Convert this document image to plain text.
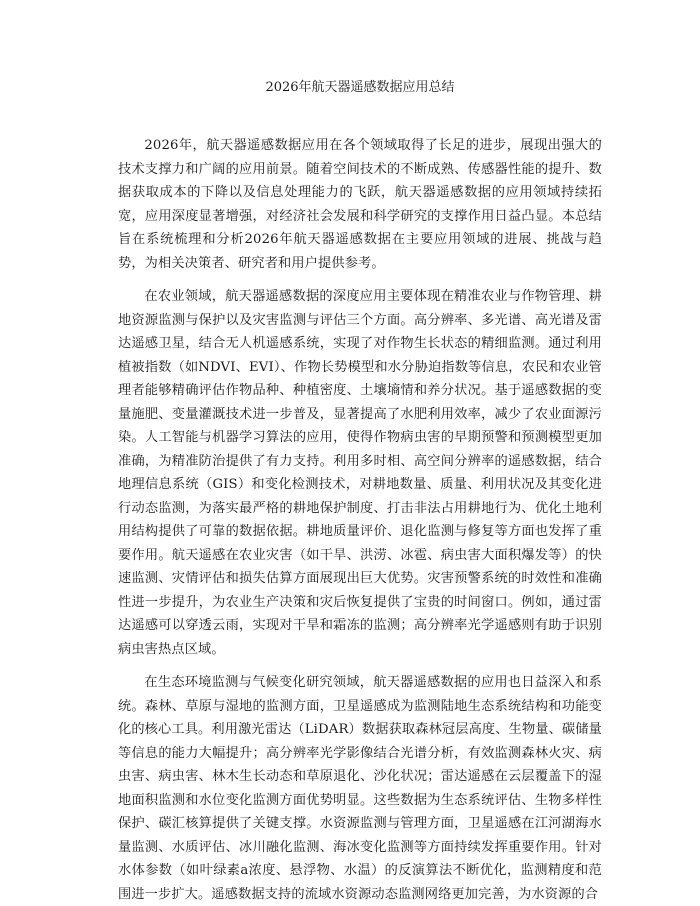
2026年航天器遥感数据应用总结

2026年，航天器遥感数据应用在各个领域取得了长足的进步，展现出强大的技术支撑力和广阔的应用前景。随着空间技术的不断成熟、传感器性能的提升、数据获取成本的下降以及信息处理能力的飞跃，航天器遥感数据的应用领域持续拓宽，应用深度显著增强，对经济社会发展和科学研究的支撑作用日益凸显。本总结旨在系统梳理和分析2026年航天器遥感数据在主要应用领域的进展、挑战与趋势，为相关决策者、研究者和用户提供参考。

在农业领域，航天器遥感数据的深度应用主要体现在精准农业与作物管理、耕地资源监测与保护以及灾害监测与评估三个方面。高分辨率、多光谱、高光谱及雷达遥感卫星，结合无人机遥感系统，实现了对作物生长状态的精细监测。通过利用植被指数（如NDVI、EVI）、作物长势模型和水分胁迫指数等信息，农民和农业管理者能够精确评估作物品种、种植密度、土壤墒情和养分状况。基于遥感数据的变量施肥、变量灌溉技术进一步普及，显著提高了水肥利用效率，减少了农业面源污染。人工智能与机器学习算法的应用，使得作物病虫害的早期预警和预测模型更加准确，为精准防治提供了有力支持。利用多时相、高空间分辨率的遥感数据，结合地理信息系统（GIS）和变化检测技术，对耕地数量、质量、利用状况及其变化进行动态监测，为落实最严格的耕地保护制度、打击非法占用耕地行为、优化土地利用结构提供了可靠的数据依据。耕地质量评价、退化监测与修复等方面也发挥了重要作用。航天遥感在农业灾害（如干旱、洪涝、冰雹、病虫害大面积爆发等）的快速监测、灾情评估和损失估算方面展现出巨大优势。灾害预警系统的时效性和准确性进一步提升，为农业生产决策和灾后恢复提供了宝贵的时间窗口。例如，通过雷达遥感可以穿透云雨，实现对干旱和霜冻的监测；高分辨率光学遥感则有助于识别病虫害热点区域。

在生态环境监测与气候变化研究领域，航天器遥感数据的应用也日益深入和系统。森林、草原与湿地的监测方面，卫星遥感成为监测陆地生态系统结构和功能变化的核心工具。利用激光雷达（LiDAR）数据获取森林冠层高度、生物量、碳储量等信息的能力大幅提升；高分辨率光学影像结合光谱分析，有效监测森林火灾、病虫害、病虫害、林木生长动态和草原退化、沙化状况；雷达遥感在云层覆盖下的湿地面积监测和水位变化监测方面优势明显。这些数据为生态系统评估、生物多样性保护、碳汇核算提供了关键支撑。水资源监测与管理方面，卫星遥感在江河湖海水量监测、水质评估、冰川融化监测、海冰变化监测等方面持续发挥重要作用。针对水体参数（如叶绿素a浓度、悬浮物、水温）的反演算法不断优化，监测精度和范围进一步扩大。遥感数据支持的流域水资源动态监测网络更加完善，为水资源的合
